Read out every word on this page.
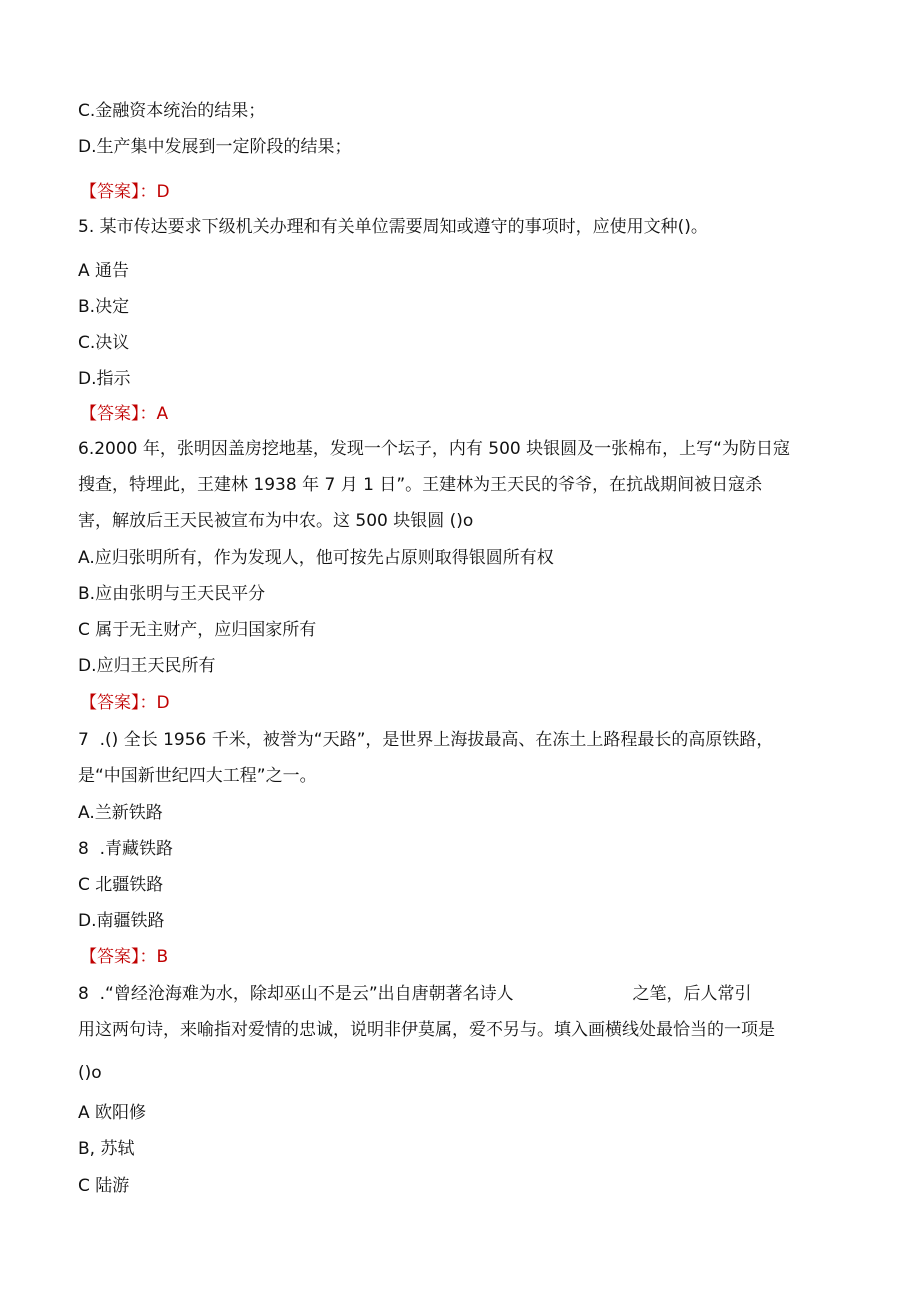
C.金融资本统治的结果；
D.生产集中发展到一定阶段的结果；
【答案】：D
5. 某市传达要求下级机关办理和有关单位需要周知或遵守的事项时，应使用文种()。
A 通告
B.决定
C.决议
D.指示
【答案】：A
6.2000 年，张明因盖房挖地基，发现一个坛子，内有 500 块银圆及一张棉布，上写“为防日寇
搜查，特埋此，王建林 1938 年 7 月 1 日”。王建林为王天民的爷爷，在抗战期间被日寇杀
害，解放后王天民被宣布为中农。这 500 块银圆 ()o
A.应归张明所有，作为发现人，他可按先占原则取得银圆所有权
B.应由张明与王天民平分
C 属于无主财产，应归国家所有
D.应归王天民所有
【答案】：D
7  .() 全长 1956 千米，被誉为“天路”，是世界上海拔最高、在冻土上路程最长的高原铁路，
是“中国新世纪四大工程”之一。
A.兰新铁路
8  .青藏铁路
C 北疆铁路
D.南疆铁路
【答案】：B
8  .“曾经沧海难为水，除却巫山不是云”出自唐朝著名诗人                      之笔，后人常引
用这两句诗，来喻指对爱情的忠诚，说明非伊莫属，爱不另与。填入画横线处最恰当的一项是
()o
A 欧阳修
B, 苏轼
C 陆游
